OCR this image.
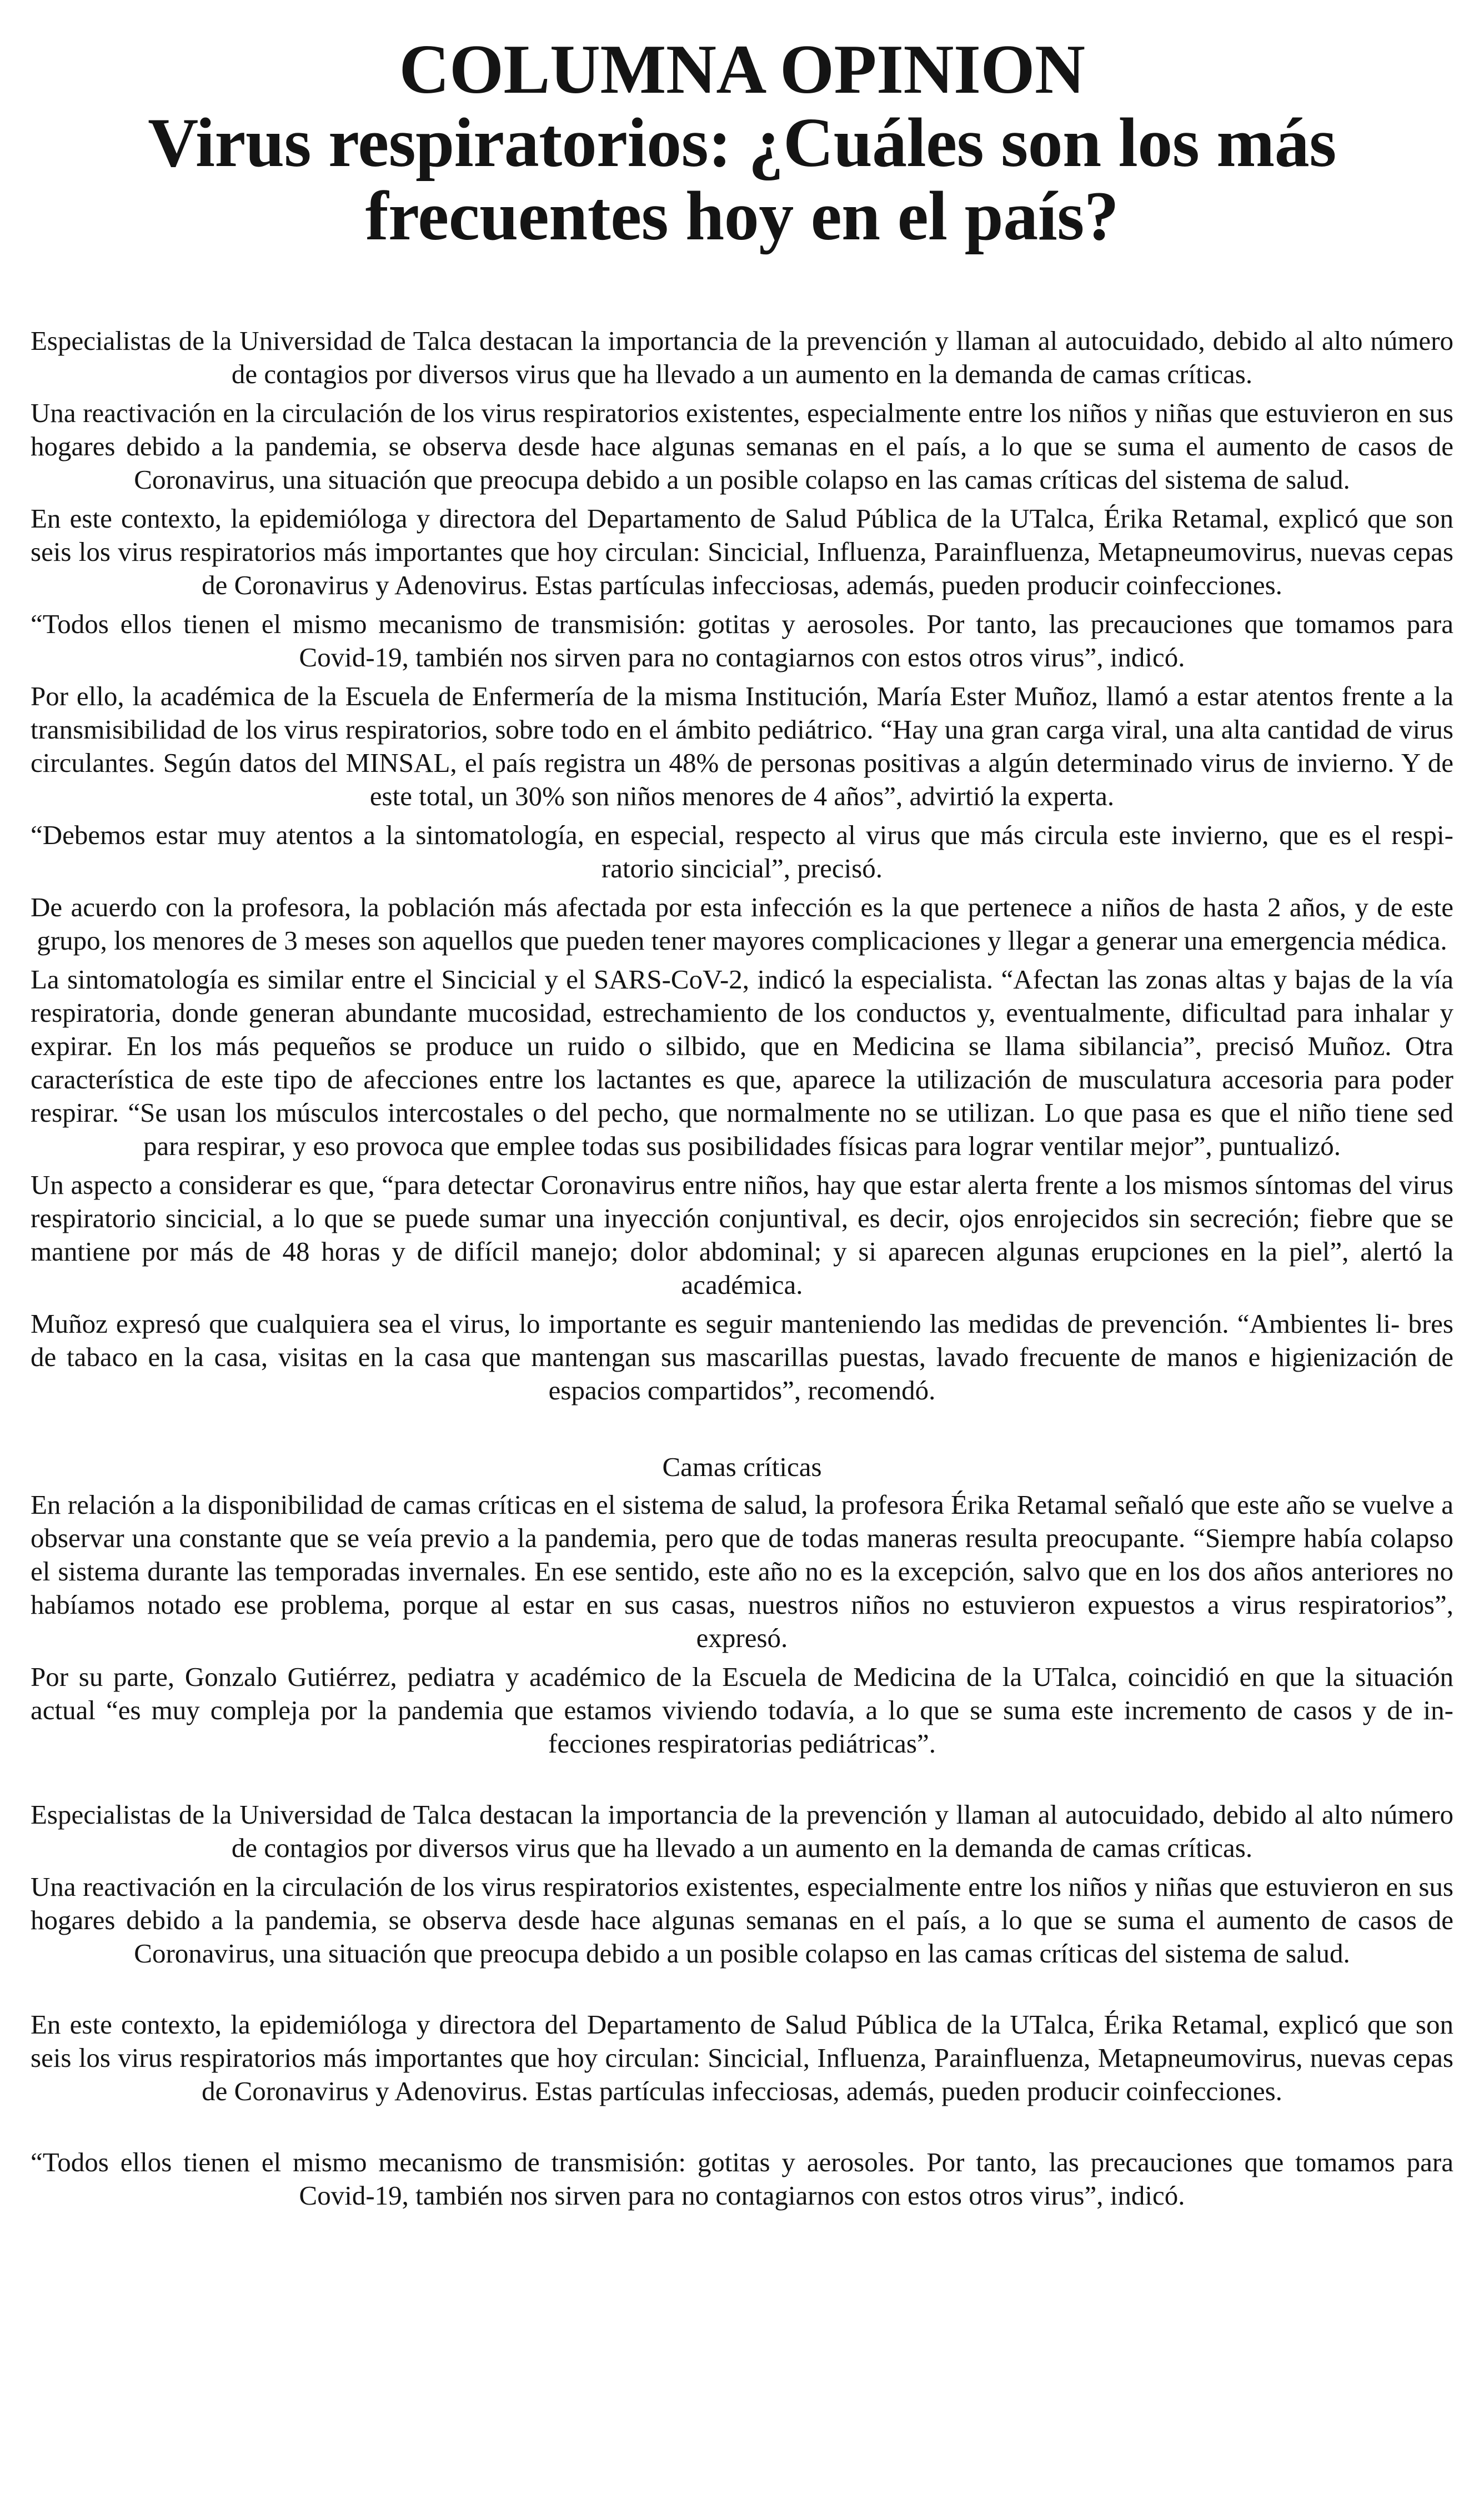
COLUMNA OPINION
Virus respiratorios: ¿Cuáles son los más frecuentes hoy en el país?

Especialistas de la Universidad de Talca destacan la importancia de la prevención y llaman al autocuidado, debido al alto número de contagios por diversos virus que ha llevado a un aumento en la demanda de camas críticas.

Una reactivación en la circulación de los virus respiratorios existentes, especialmente entre los niños y niñas que estuvieron en sus hogares debido a la pandemia, se observa desde hace algunas semanas en el país, a lo que se suma el aumento de casos de Coronavirus, una situación que preocupa debido a un posible colapso en las camas críticas del sistema de salud.

En este contexto, la epidemióloga y directora del Departamento de Salud Pública de la UTalca, Érika Retamal, explicó que son seis los virus respiratorios más importantes que hoy circulan: Sincicial, Influenza, Parainfluenza, Metapneumovirus, nuevas cepas de Coronavirus y Adenovirus. Estas partículas infecciosas, además, pueden producir coinfecciones.

“Todos ellos tienen el mismo mecanismo de transmisión: gotitas y aerosoles. Por tanto, las precauciones que tomamos para Covid-19, también nos sirven para no contagiarnos con estos otros virus”, indicó.

Por ello, la académica de la Escuela de Enfermería de la misma Institución, María Ester Muñoz, llamó a estar atentos frente a la transmisibilidad de los virus respiratorios, sobre todo en el ámbito pediátrico. “Hay una gran carga viral, una alta cantidad de virus circulantes. Según datos del MINSAL, el país registra un 48% de personas positivas a algún determinado virus de invierno. Y de este total, un 30% son niños menores de 4 años”, advirtió la experta.

“Debemos estar muy atentos a la sintomatología, en especial, respecto al virus que más circula este invierno, que es el respi- ratorio sincicial”, precisó.

De acuerdo con la profesora, la población más afectada por esta infección es la que pertenece a niños de hasta 2 años, y de este grupo, los menores de 3 meses son aquellos que pueden tener mayores complicaciones y llegar a generar una emergencia médica.

La sintomatología es similar entre el Sincicial y el SARS-CoV-2, indicó la especialista. “Afectan las zonas altas y bajas de la vía respiratoria, donde generan abundante mucosidad, estrechamiento de los conductos y, eventualmente, dificultad para inhalar y expirar. En los más pequeños se produce un ruido o silbido, que en Medicina se llama sibilancia”, precisó Muñoz. Otra característica de este tipo de afecciones entre los lactantes es que, aparece la utilización de musculatura accesoria para poder respirar. “Se usan los músculos intercostales o del pecho, que normalmente no se utilizan. Lo que pasa es que el niño tiene sed para respirar, y eso provoca que emplee todas sus posibilidades físicas para lograr ventilar mejor”, puntualizó.

Un aspecto a considerar es que, “para detectar Coronavirus entre niños, hay que estar alerta frente a los mismos síntomas del virus respiratorio sincicial, a lo que se puede sumar una inyección conjuntival, es decir, ojos enrojecidos sin secreción; fiebre que se mantiene por más de 48 horas y de difícil manejo; dolor abdominal; y si aparecen algunas erupciones en la piel”, alertó la académica.

Muñoz expresó que cualquiera sea el virus, lo importante es seguir manteniendo las medidas de prevención. “Ambientes li- bres de tabaco en la casa, visitas en la casa que mantengan sus mascarillas puestas, lavado frecuente de manos e higienización de espacios compartidos”, recomendó.

Camas críticas

En relación a la disponibilidad de camas críticas en el sistema de salud, la profesora Érika Retamal señaló que este año se vuelve a observar una constante que se veía previo a la pandemia, pero que de todas maneras resulta preocupante. “Siempre había colapso el sistema durante las temporadas invernales. En ese sentido, este año no es la excepción, salvo que en los dos años anteriores no habíamos notado ese problema, porque al estar en sus casas, nuestros niños no estuvieron expuestos a virus respiratorios”, expresó.

Por su parte, Gonzalo Gutiérrez, pediatra y académico de la Escuela de Medicina de la UTalca, coincidió en que la situación actual “es muy compleja por la pandemia que estamos viviendo todavía, a lo que se suma este incremento de casos y de in- fecciones respiratorias pediátricas”.

Especialistas de la Universidad de Talca destacan la importancia de la prevención y llaman al autocuidado, debido al alto número de contagios por diversos virus que ha llevado a un aumento en la demanda de camas críticas.

Una reactivación en la circulación de los virus respiratorios existentes, especialmente entre los niños y niñas que estuvieron en sus hogares debido a la pandemia, se observa desde hace algunas semanas en el país, a lo que se suma el aumento de casos de Coronavirus, una situación que preocupa debido a un posible colapso en las camas críticas del sistema de salud.

En este contexto, la epidemióloga y directora del Departamento de Salud Pública de la UTalca, Érika Retamal, explicó que son seis los virus respiratorios más importantes que hoy circulan: Sincicial, Influenza, Parainfluenza, Metapneumovirus, nuevas cepas de Coronavirus y Adenovirus. Estas partículas infecciosas, además, pueden producir coinfecciones.

“Todos ellos tienen el mismo mecanismo de transmisión: gotitas y aerosoles. Por tanto, las precauciones que tomamos para Covid-19, también nos sirven para no contagiarnos con estos otros virus”, indicó.
